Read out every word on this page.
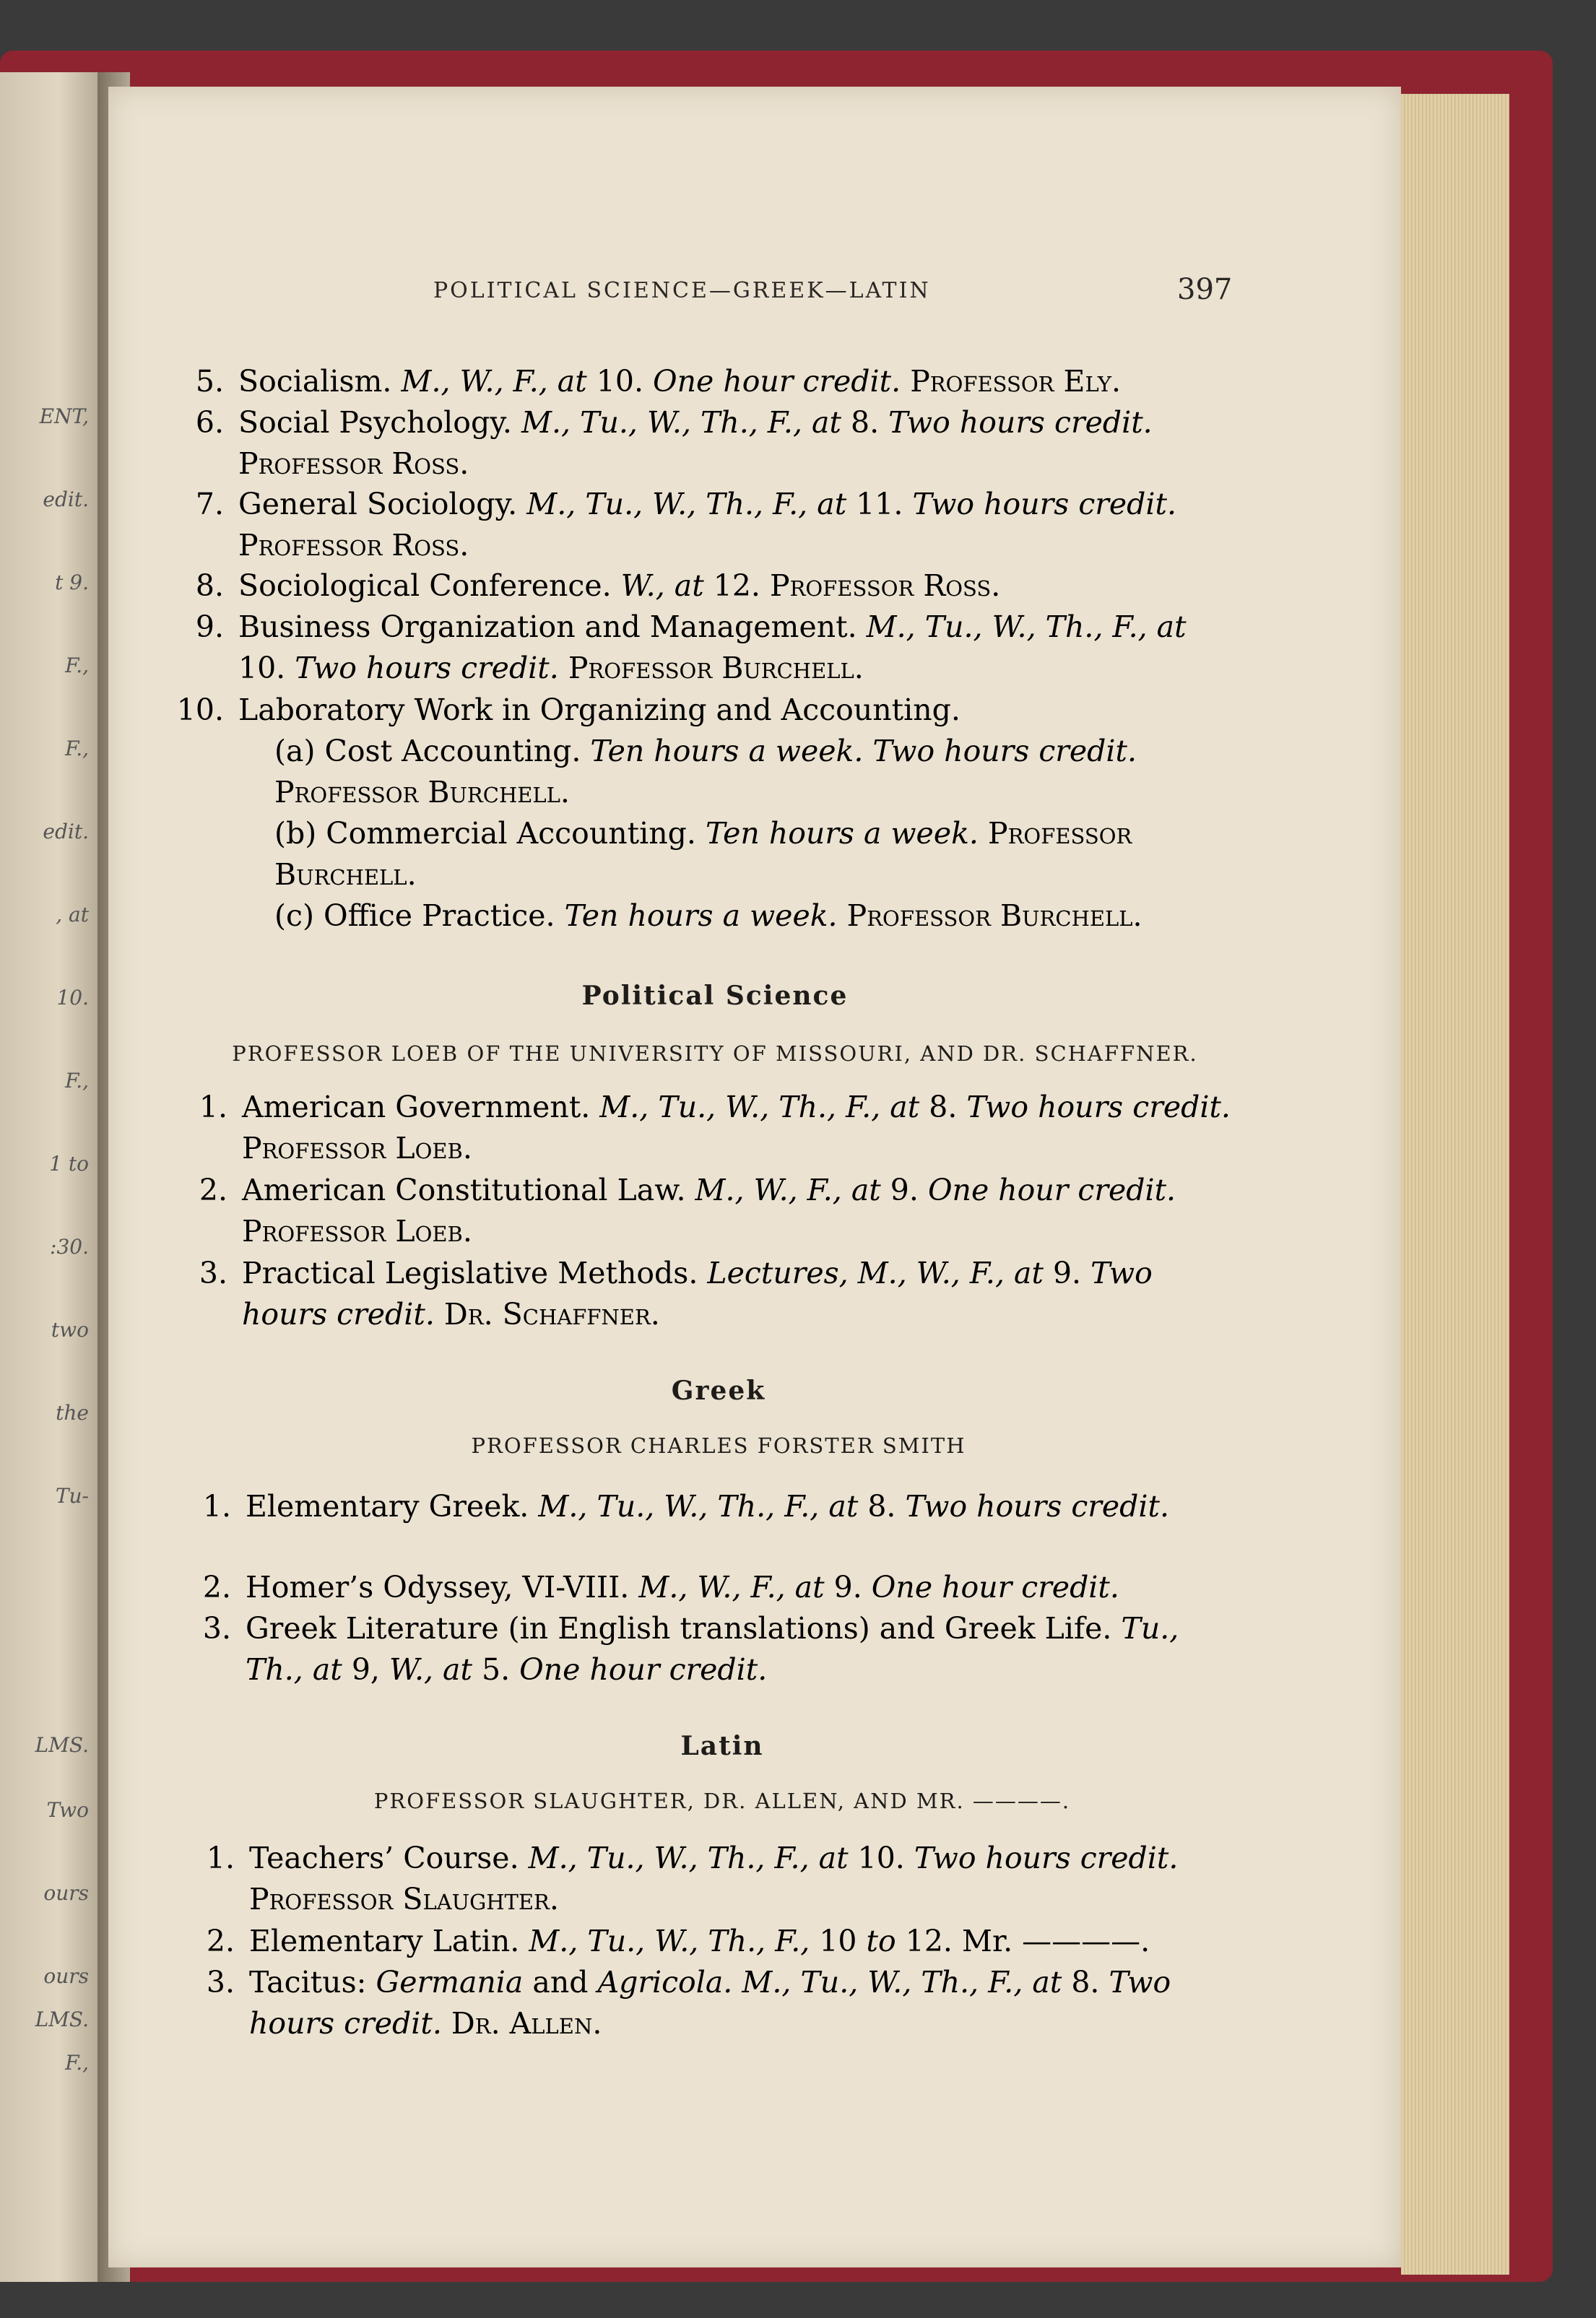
ENT,
edit.
t 9.
F.,
F.,
edit.
, at
10.
F.,
1 to
:30.
two
the
Tu-
LMS.
Two
ours
ours
LMS.
F.,
POLITICAL SCIENCE—GREEK—LATIN	397
5. Socialism. M., W., F., at 10. One hour credit. Professor Ely.
6. Social Psychology. M., Tu., W., Th., F., at 8. Two hours credit. Professor Ross.
7. General Sociology. M., Tu., W., Th., F., at 11. Two hours credit. Professor Ross.
8. Sociological Conference. W., at 12. Professor Ross.
9. Business Organization and Management. M., Tu., W., Th., F., at 10. Two hours credit. Professor Burchell.
10. Laboratory Work in Organizing and Accounting.
(a) Cost Accounting. Ten hours a week. Two hours credit. Professor Burchell.
(b) Commercial Accounting. Ten hours a week. Professor Burchell.
(c) Office Practice. Ten hours a week. Professor Burchell.
Political Science
PROFESSOR LOEB OF THE UNIVERSITY OF MISSOURI, AND DR. SCHAFFNER.
1. American Government. M., Tu., W., Th., F., at 8. Two hours credit. Professor Loeb.
2. American Constitutional Law. M., W., F., at 9. One hour credit. Professor Loeb.
3. Practical Legislative Methods. Lectures, M., W., F., at 9. Two hours credit. Dr. Schaffner.
Greek
PROFESSOR CHARLES FORSTER SMITH
1. Elementary Greek. M., Tu., W., Th., F., at 8. Two hours credit.
2. Homer’s Odyssey, VI-VIII. M., W., F., at 9. One hour credit.
3. Greek Literature (in English translations) and Greek Life. Tu., Th., at 9, W., at 5. One hour credit.
Latin
PROFESSOR SLAUGHTER, DR. ALLEN, AND MR. ————.
1. Teachers’ Course. M., Tu., W., Th., F., at 10. Two hours credit. Professor Slaughter.
2. Elementary Latin. M., Tu., W., Th., F., 10 to 12. Mr. ————.
3. Tacitus: Germania and Agricola. M., Tu., W., Th., F., at 8. Two hours credit. Dr. Allen.
